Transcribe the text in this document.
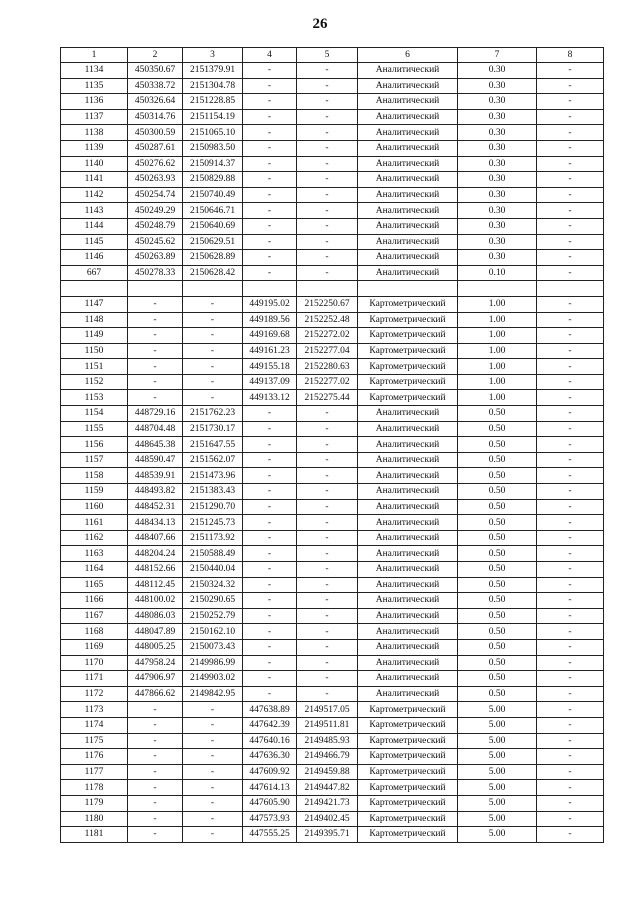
26
1	2	3	4	5	6	7	8
1134	450350.67	2151379.91	-	-	Аналитический	0.30	-
1135	450338.72	2151304.78	-	-	Аналитический	0.30	-
1136	450326.64	2151228.85	-	-	Аналитический	0.30	-
1137	450314.76	2151154.19	-	-	Аналитический	0.30	-
1138	450300.59	2151065.10	-	-	Аналитический	0.30	-
1139	450287.61	2150983.50	-	-	Аналитический	0.30	-
1140	450276.62	2150914.37	-	-	Аналитический	0.30	-
1141	450263.93	2150829.88	-	-	Аналитический	0.30	-
1142	450254.74	2150740.49	-	-	Аналитический	0.30	-
1143	450249.29	2150646.71	-	-	Аналитический	0.30	-
1144	450248.79	2150640.69	-	-	Аналитический	0.30	-
1145	450245.62	2150629.51	-	-	Аналитический	0.30	-
1146	450263.89	2150628.89	-	-	Аналитический	0.30	-
667	450278.33	2150628.42	-	-	Аналитический	0.10	-

1147	-	-	449195.02	2152250.67	Картометрический	1.00	-
1148	-	-	449189.56	2152252.48	Картометрический	1.00	-
1149	-	-	449169.68	2152272.02	Картометрический	1.00	-
1150	-	-	449161.23	2152277.04	Картометрический	1.00	-
1151	-	-	449155.18	2152280.63	Картометрический	1.00	-
1152	-	-	449137.09	2152277.02	Картометрический	1.00	-
1153	-	-	449133.12	2152275.44	Картометрический	1.00	-
1154	448729.16	2151762.23	-	-	Аналитический	0.50	-
1155	448704.48	2151730.17	-	-	Аналитический	0.50	-
1156	448645.38	2151647.55	-	-	Аналитический	0.50	-
1157	448590.47	2151562.07	-	-	Аналитический	0.50	-
1158	448539.91	2151473.96	-	-	Аналитический	0.50	-
1159	448493.82	2151383.43	-	-	Аналитический	0.50	-
1160	448452.31	2151290.70	-	-	Аналитический	0.50	-
1161	448434.13	2151245.73	-	-	Аналитический	0.50	-
1162	448407.66	2151173.92	-	-	Аналитический	0.50	-
1163	448204.24	2150588.49	-	-	Аналитический	0.50	-
1164	448152.66	2150440.04	-	-	Аналитический	0.50	-
1165	448112.45	2150324.32	-	-	Аналитический	0.50	-
1166	448100.02	2150290.65	-	-	Аналитический	0.50	-
1167	448086.03	2150252.79	-	-	Аналитический	0.50	-
1168	448047.89	2150162.10	-	-	Аналитический	0.50	-
1169	448005.25	2150073.43	-	-	Аналитический	0.50	-
1170	447958.24	2149986.99	-	-	Аналитический	0.50	-
1171	447906.97	2149903.02	-	-	Аналитический	0.50	-
1172	447866.62	2149842.95	-	-	Аналитический	0.50	-
1173	-	-	447638.89	2149517.05	Картометрический	5.00	-
1174	-	-	447642.39	2149511.81	Картометрический	5.00	-
1175	-	-	447640.16	2149485.93	Картометрический	5.00	-
1176	-	-	447636.30	2149466.79	Картометрический	5.00	-
1177	-	-	447609.92	2149459.88	Картометрический	5.00	-
1178	-	-	447614.13	2149447.82	Картометрический	5.00	-
1179	-	-	447605.90	2149421.73	Картометрический	5.00	-
1180	-	-	447573.93	2149402.45	Картометрический	5.00	-
1181	-	-	447555.25	2149395.71	Картометрический	5.00	-
